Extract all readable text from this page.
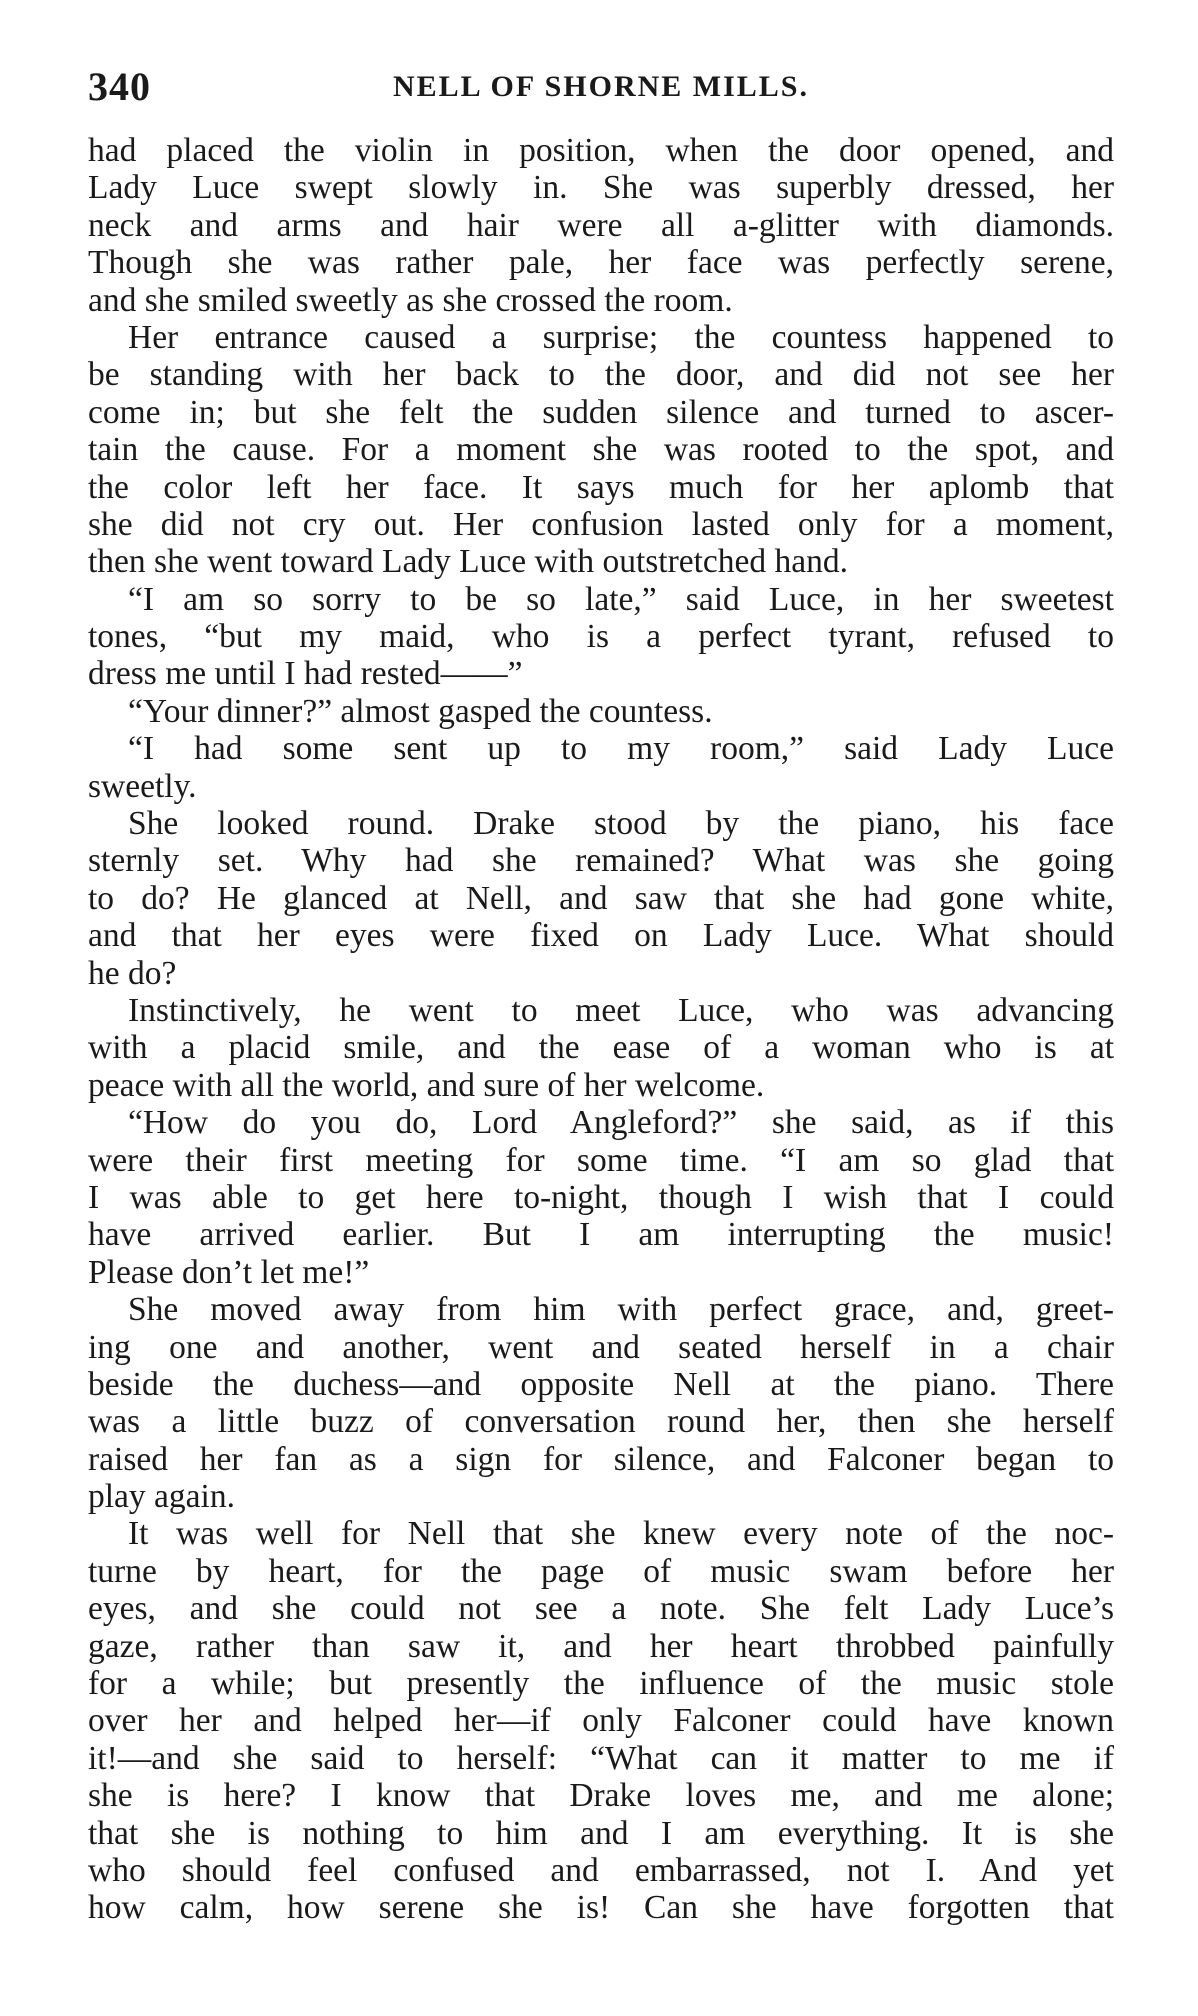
340	NELL OF SHORNE MILLS.
had placed the violin in position, when the door opened, and
Lady Luce swept slowly in. She was superbly dressed, her
neck and arms and hair were all a-glitter with diamonds.
Though she was rather pale, her face was perfectly serene,
and she smiled sweetly as she crossed the room.
Her entrance caused a surprise; the countess happened to
be standing with her back to the door, and did not see her
come in; but she felt the sudden silence and turned to ascer-
tain the cause. For a moment she was rooted to the spot, and
the color left her face. It says much for her aplomb that
she did not cry out. Her confusion lasted only for a moment,
then she went toward Lady Luce with outstretched hand.
“I am so sorry to be so late,” said Luce, in her sweetest
tones, “but my maid, who is a perfect tyrant, refused to
dress me until I had rested——”
“Your dinner?” almost gasped the countess.
“I had some sent up to my room,” said Lady Luce
sweetly.
She looked round. Drake stood by the piano, his face
sternly set. Why had she remained? What was she going
to do? He glanced at Nell, and saw that she had gone white,
and that her eyes were fixed on Lady Luce. What should
he do?
Instinctively, he went to meet Luce, who was advancing
with a placid smile, and the ease of a woman who is at
peace with all the world, and sure of her welcome.
“How do you do, Lord Angleford?” she said, as if this
were their first meeting for some time. “I am so glad that
I was able to get here to-night, though I wish that I could
have arrived earlier. But I am interrupting the music!
Please don’t let me!”
She moved away from him with perfect grace, and, greet-
ing one and another, went and seated herself in a chair
beside the duchess—and opposite Nell at the piano. There
was a little buzz of conversation round her, then she herself
raised her fan as a sign for silence, and Falconer began to
play again.
It was well for Nell that she knew every note of the noc-
turne by heart, for the page of music swam before her
eyes, and she could not see a note. She felt Lady Luce’s
gaze, rather than saw it, and her heart throbbed painfully
for a while; but presently the influence of the music stole
over her and helped her—if only Falconer could have known
it!—and she said to herself: “What can it matter to me if
she is here? I know that Drake loves me, and me alone;
that she is nothing to him and I am everything. It is she
who should feel confused and embarrassed, not I. And yet
how calm, how serene she is! Can she have forgotten that
